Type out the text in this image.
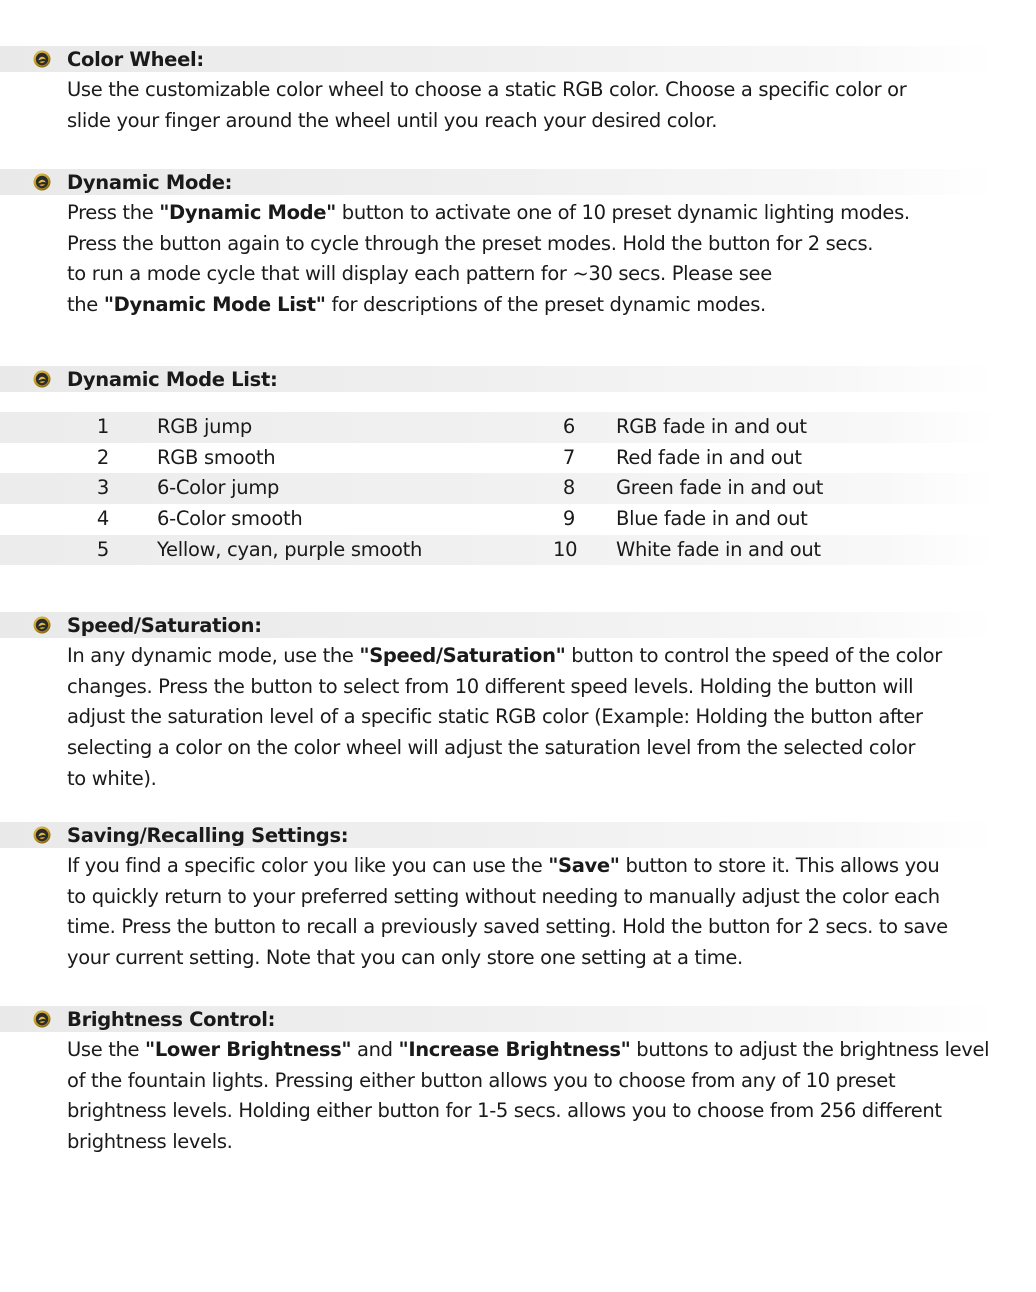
Color Wheel:
Use the customizable color wheel to choose a static RGB color. Choose a specific color or
slide your finger around the wheel until you reach your desired color.
Dynamic Mode:
Press the "Dynamic Mode" button to activate one of 10 preset dynamic lighting modes.
Press the button again to cycle through the preset modes. Hold the button for 2 secs.
to run a mode cycle that will display each pattern for ~30 secs. Please see
the "Dynamic Mode List" for descriptions of the preset dynamic modes.
Dynamic Mode List:
1 RGB jump	6 RGB fade in and out
2 RGB smooth	7 Red fade in and out
3 6-Color jump	8 Green fade in and out
4 6-Color smooth	9 Blue fade in and out
5 Yellow, cyan, purple smooth	10 White fade in and out
Speed/Saturation:
In any dynamic mode, use the "Speed/Saturation" button to control the speed of the color
changes. Press the button to select from 10 different speed levels. Holding the button will
adjust the saturation level of a specific static RGB color (Example: Holding the button after
selecting a color on the color wheel will adjust the saturation level from the selected color
to white).
Saving/Recalling Settings:
If you find a specific color you like you can use the "Save" button to store it. This allows you
to quickly return to your preferred setting without needing to manually adjust the color each
time. Press the button to recall a previously saved setting. Hold the button for 2 secs. to save
your current setting. Note that you can only store one setting at a time.
Brightness Control:
Use the "Lower Brightness" and "Increase Brightness" buttons to adjust the brightness level
of the fountain lights. Pressing either button allows you to choose from any of 10 preset
brightness levels. Holding either button for 1-5 secs. allows you to choose from 256 different
brightness levels.
